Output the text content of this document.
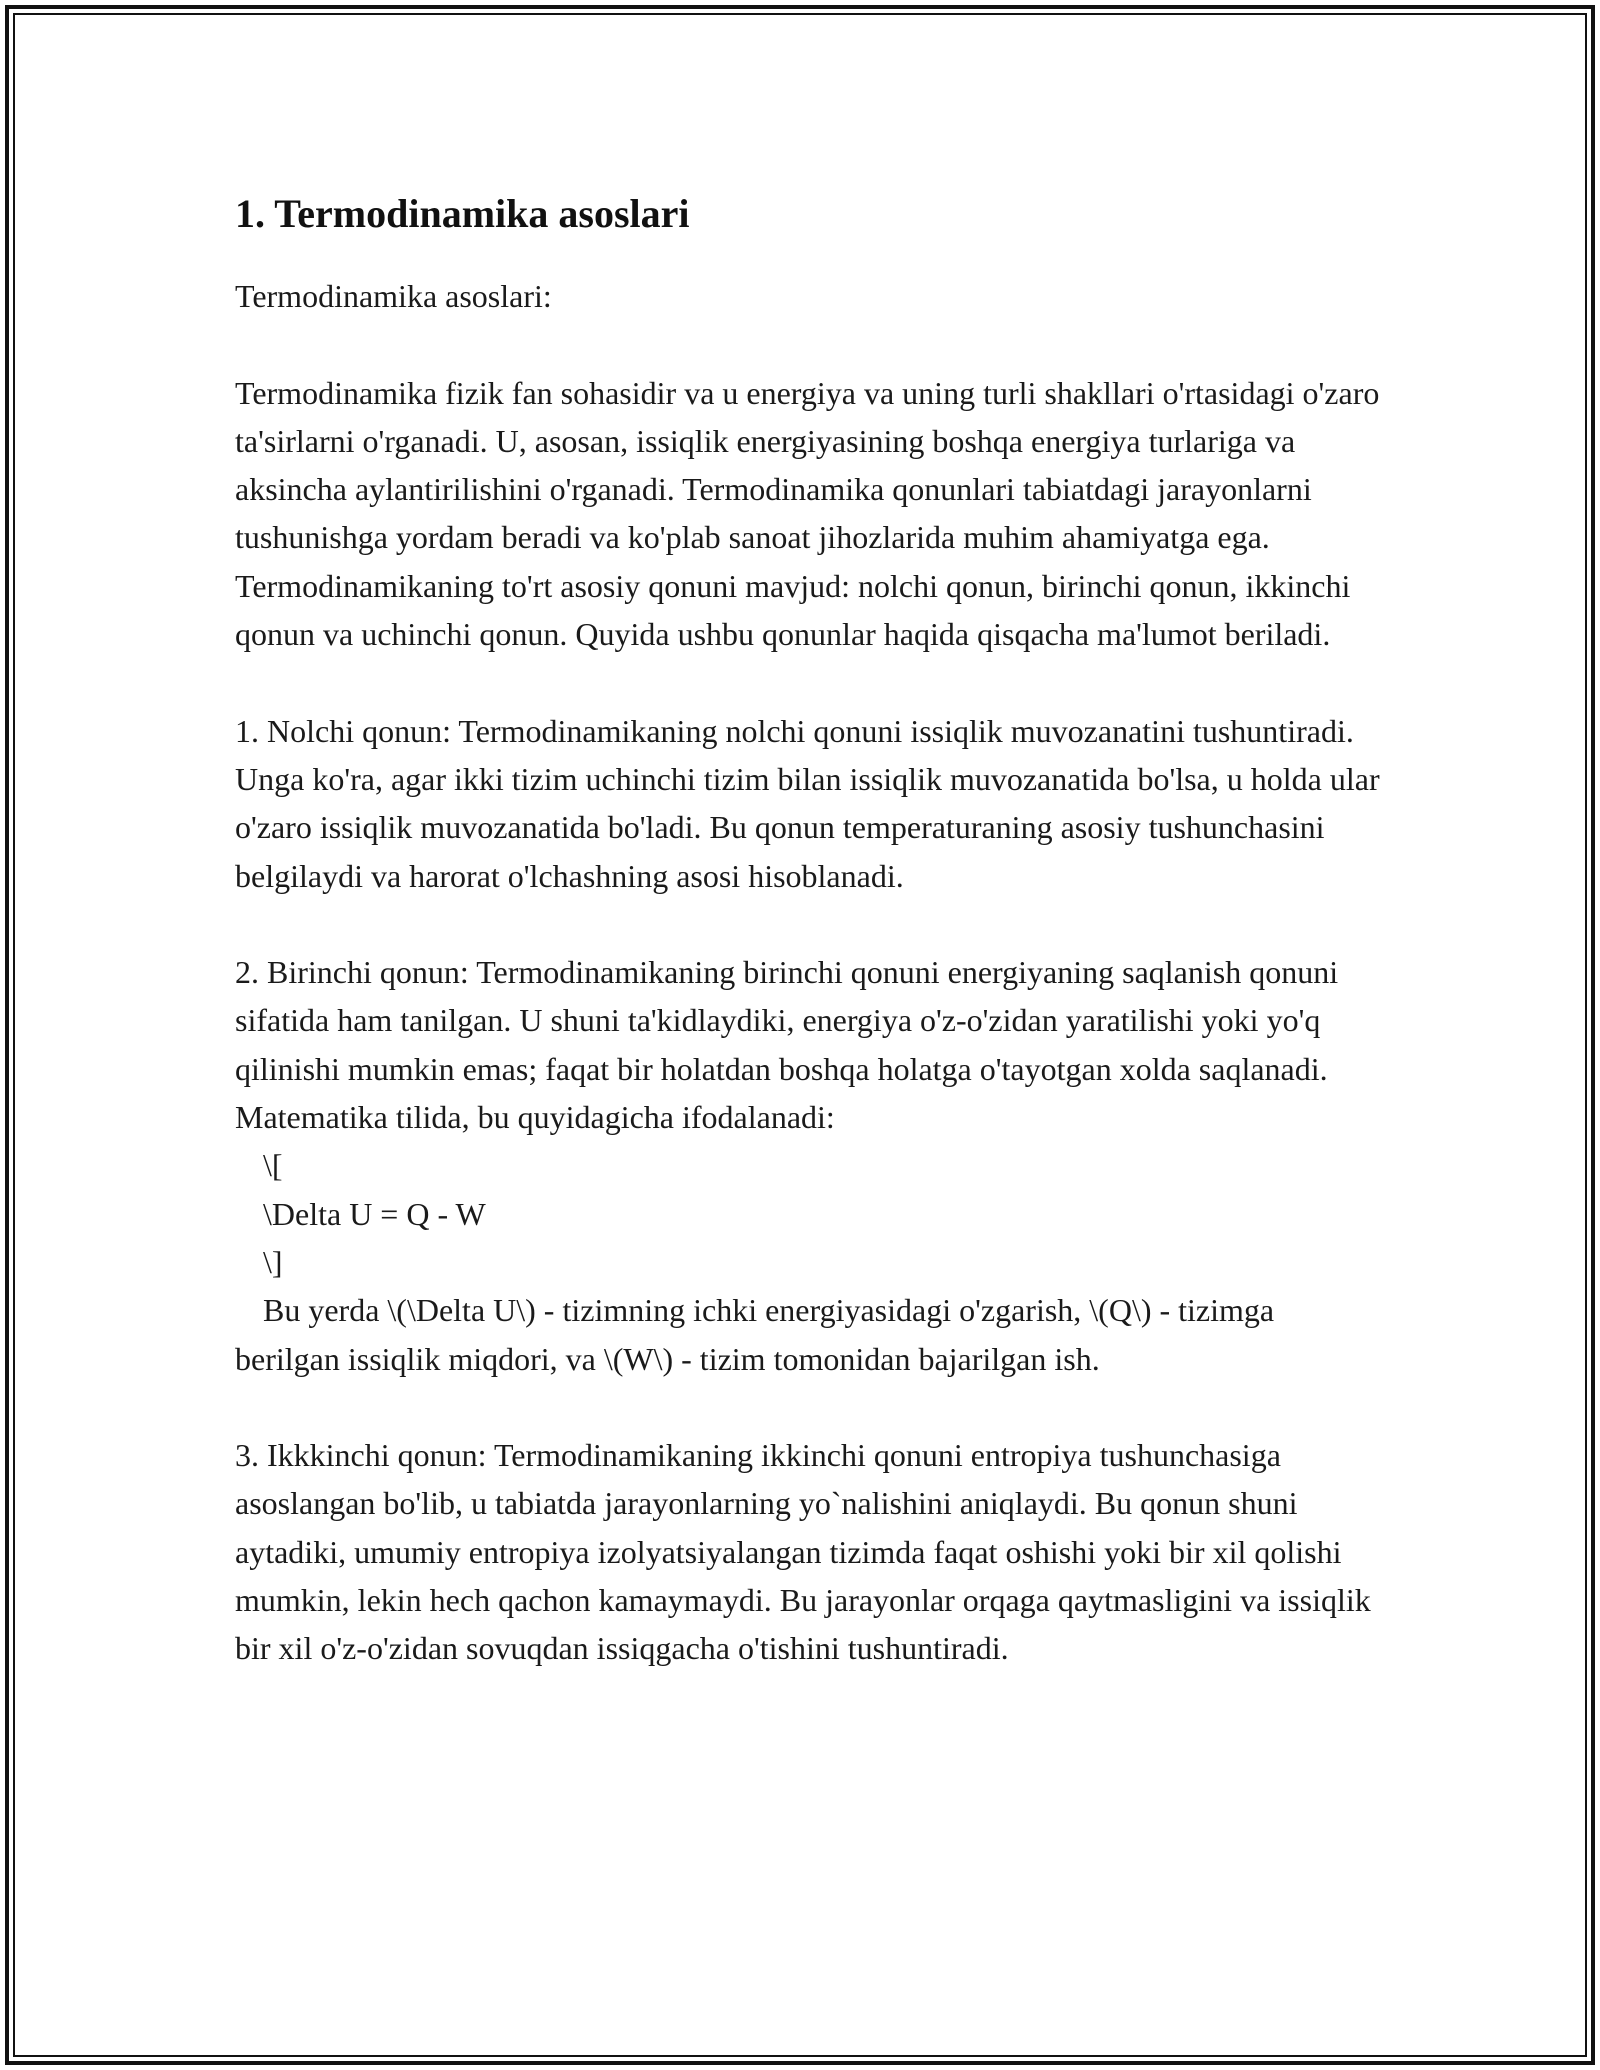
1. Termodinamika asoslari

Termodinamika asoslari:

Termodinamika fizik fan sohasidir va u energiya va uning turli shakllari o'rtasidagi o'zaro ta'sirlarni o'rganadi. U, asosan, issiqlik energiyasining boshqa energiya turlariga va aksincha aylantirilishini o'rganadi. Termodinamika qonunlari tabiatdagi jarayonlarni tushunishga yordam beradi va ko'plab sanoat jihozlarida muhim ahamiyatga ega. Termodinamikaning to'rt asosiy qonuni mavjud: nolchi qonun, birinchi qonun, ikkinchi qonun va uchinchi qonun. Quyida ushbu qonunlar haqida qisqacha ma'lumot beriladi.

1. Nolchi qonun: Termodinamikaning nolchi qonuni issiqlik muvozanatini tushuntiradi. Unga ko'ra, agar ikki tizim uchinchi tizim bilan issiqlik muvozanatida bo'lsa, u holda ular o'zaro issiqlik muvozanatida bo'ladi. Bu qonun temperaturaning asosiy tushunchasini belgilaydi va harorat o'lchashning asosi hisoblanadi.

2. Birinchi qonun: Termodinamikaning birinchi qonuni energiyaning saqlanish qonuni sifatida ham tanilgan. U shuni ta'kidlaydiki, energiya o'z-o'zidan yaratilishi yoki yo'q qilinishi mumkin emas; faqat bir holatdan boshqa holatga o'tayotgan xolda saqlanadi. Matematika tilida, bu quyidagicha ifodalanadi:

\[

\Delta U = Q - W

\]

Bu yerda \(\Delta U\) - tizimning ichki energiyasidagi o'zgarish, \(Q\) - tizimga berilgan issiqlik miqdori, va \(W\) - tizim tomonidan bajarilgan ish.

3. Ikkkinchi qonun: Termodinamikaning ikkinchi qonuni entropiya tushunchasiga asoslangan bo'lib, u tabiatda jarayonlarning yo`nalishini aniqlaydi. Bu qonun shuni aytadiki, umumiy entropiya izolyatsiyalangan tizimda faqat oshishi yoki bir xil qolishi mumkin, lekin hech qachon kamaymaydi. Bu jarayonlar orqaga qaytmasligini va issiqlik bir xil o'z-o'zidan sovuqdan issiqgacha o'tishini tushuntiradi.
